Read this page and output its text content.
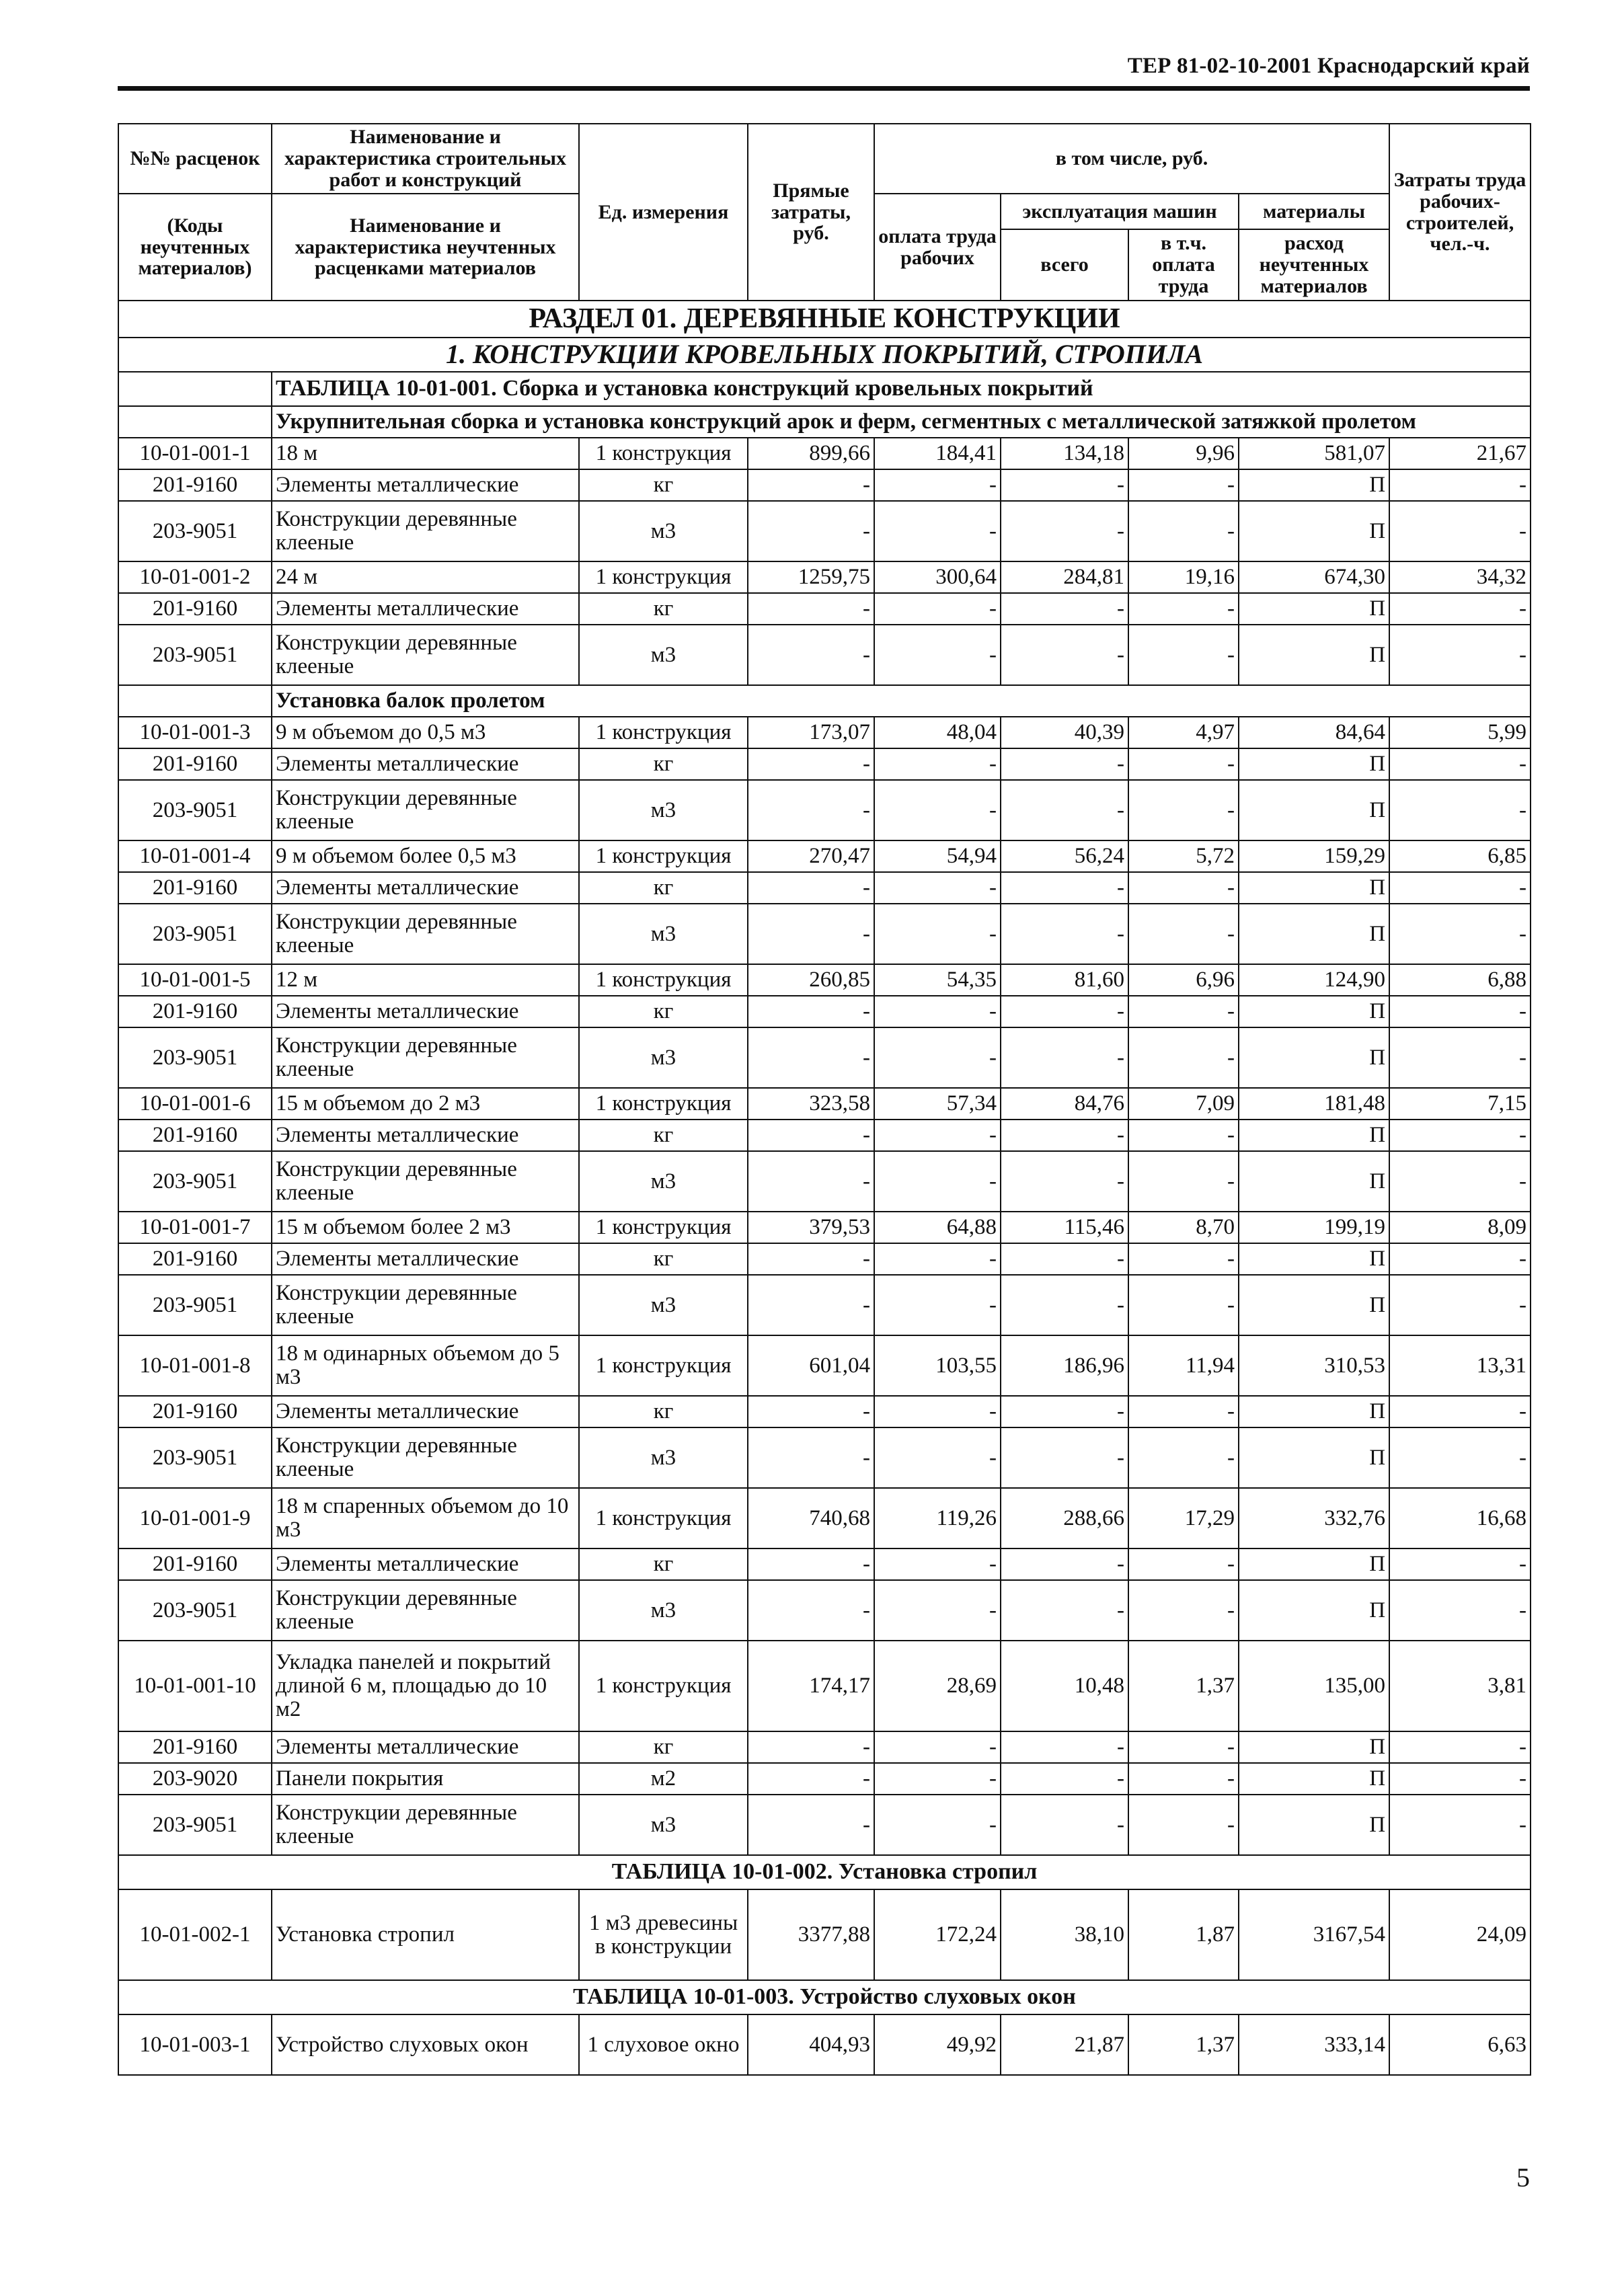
ТЕР 81-02-10-2001 Краснодарский край
№№ расценок	Наименование и характеристика строительных работ и конструкций	Ед. измерения	Прямые затраты, руб.	в том числе, руб.				Затраты труда рабочих-строителей, чел.-ч.
(Коды неучтенных материалов)	Наименование и характеристика неучтенных расценками материалов			оплата труда рабочих	эксплуатация машин		материалы	
					всего	в т.ч. оплата труда	расход неучтенных материалов	

РАЗДЕЛ 01. ДЕРЕВЯННЫЕ КОНСТРУКЦИИ								
1. КОНСТРУКЦИИ КРОВЕЛЬНЫХ ПОКРЫТИЙ, СТРОПИЛА								
	ТАБЛИЦА 10-01-001. Сборка и установка конструкций кровельных покрытий							
	Укрупнительная сборка и установка конструкций арок и ферм, сегментных с металлической затяжкой пролетом							
10-01-001-1	18 м	1 конструкция	899,66	184,41	134,18	9,96	581,07	21,67
201-9160	Элементы металлические	кг	-	-	-	-	П	-
203-9051	Конструкции деревянные клееные	м3	-	-	-	-	П	-
10-01-001-2	24 м	1 конструкция	1259,75	300,64	284,81	19,16	674,30	34,32
201-9160	Элементы металлические	кг	-	-	-	-	П	-
203-9051	Конструкции деревянные клееные	м3	-	-	-	-	П	-
	Установка балок пролетом							
10-01-001-3	9 м объемом до 0,5 м3	1 конструкция	173,07	48,04	40,39	4,97	84,64	5,99
201-9160	Элементы металлические	кг	-	-	-	-	П	-
203-9051	Конструкции деревянные клееные	м3	-	-	-	-	П	-
10-01-001-4	9 м объемом более 0,5 м3	1 конструкция	270,47	54,94	56,24	5,72	159,29	6,85
201-9160	Элементы металлические	кг	-	-	-	-	П	-
203-9051	Конструкции деревянные клееные	м3	-	-	-	-	П	-
10-01-001-5	12 м	1 конструкция	260,85	54,35	81,60	6,96	124,90	6,88
201-9160	Элементы металлические	кг	-	-	-	-	П	-
203-9051	Конструкции деревянные клееные	м3	-	-	-	-	П	-
10-01-001-6	15 м объемом до 2 м3	1 конструкция	323,58	57,34	84,76	7,09	181,48	7,15
201-9160	Элементы металлические	кг	-	-	-	-	П	-
203-9051	Конструкции деревянные клееные	м3	-	-	-	-	П	-
10-01-001-7	15 м объемом более 2 м3	1 конструкция	379,53	64,88	115,46	8,70	199,19	8,09
201-9160	Элементы металлические	кг	-	-	-	-	П	-
203-9051	Конструкции деревянные клееные	м3	-	-	-	-	П	-
10-01-001-8	18 м одинарных объемом до 5 м3	1 конструкция	601,04	103,55	186,96	11,94	310,53	13,31
201-9160	Элементы металлические	кг	-	-	-	-	П	-
203-9051	Конструкции деревянные клееные	м3	-	-	-	-	П	-
10-01-001-9	18 м спаренных объемом до 10 м3	1 конструкция	740,68	119,26	288,66	17,29	332,76	16,68
201-9160	Элементы металлические	кг	-	-	-	-	П	-
203-9051	Конструкции деревянные клееные	м3	-	-	-	-	П	-
10-01-001-10	Укладка панелей и покрытий длиной 6 м, площадью до 10 м2	1 конструкция	174,17	28,69	10,48	1,37	135,00	3,81
201-9160	Элементы металлические	кг	-	-	-	-	П	-
203-9020	Панели покрытия	м2	-	-	-	-	П	-
203-9051	Конструкции деревянные клееные	м3	-	-	-	-	П	-
ТАБЛИЦА 10-01-002. Установка стропил								
10-01-002-1	Установка стропил	1 м3 древесины в конструкции	3377,88	172,24	38,10	1,87	3167,54	24,09
ТАБЛИЦА 10-01-003. Устройство слуховых окон								
10-01-003-1	Устройство слуховых окон	1 слуховое окно	404,93	49,92	21,87	1,37	333,14	6,63
5
